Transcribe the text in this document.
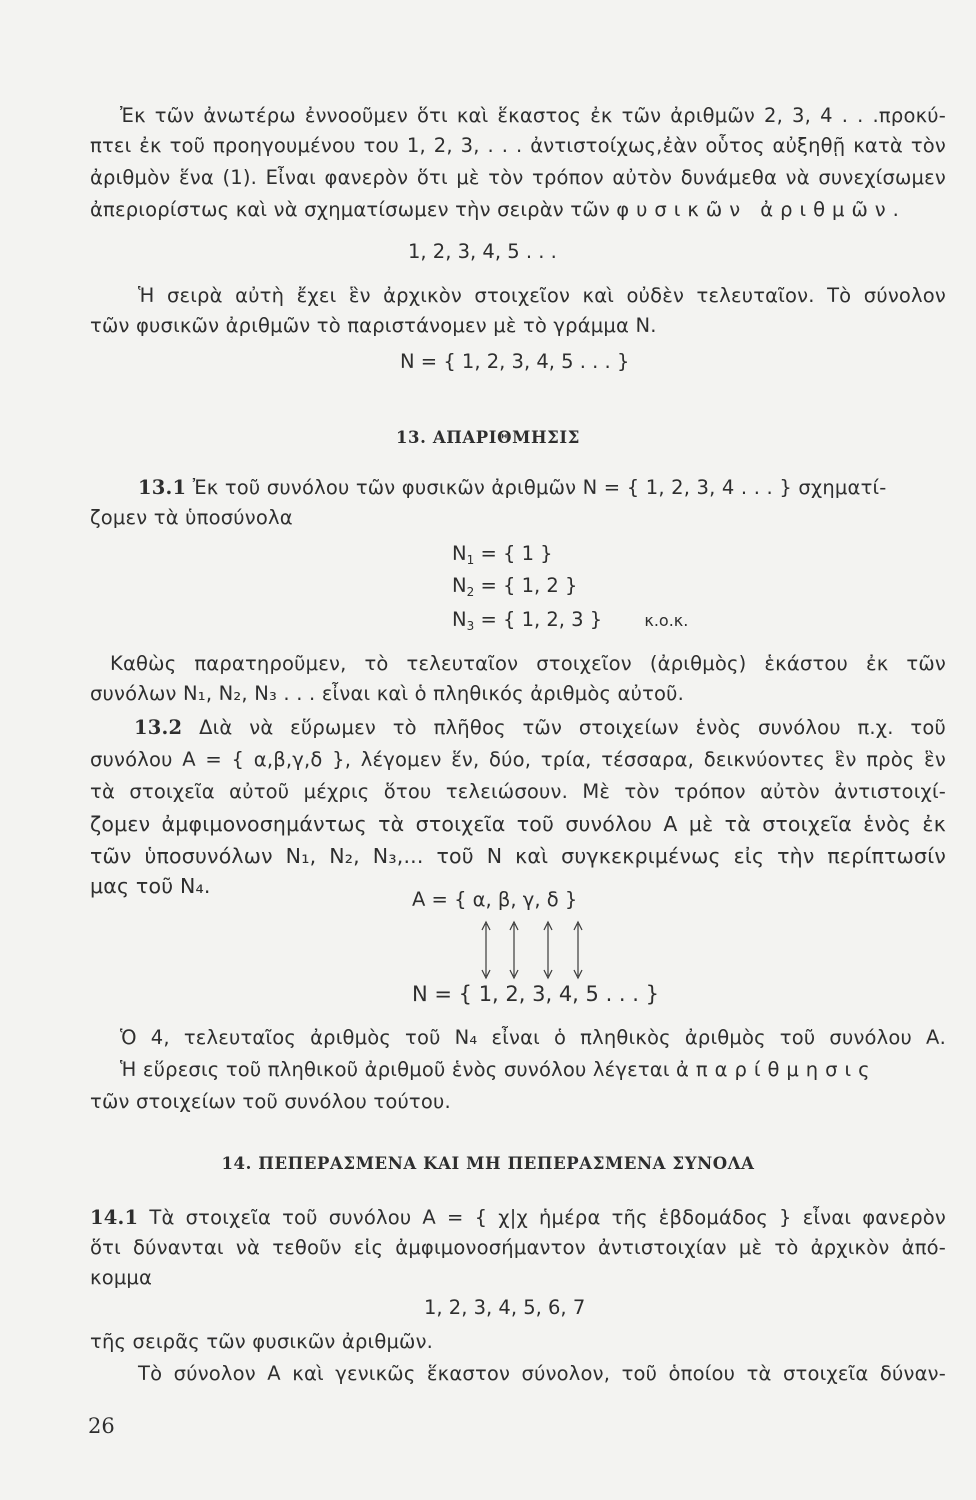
Ἐκ τῶν ἀνωτέρω ἐννοοῦμεν ὅτι καὶ ἕκαστος ἐκ τῶν ἀριθμῶν 2, 3, 4 . . .προκύ-
πτει ἐκ τοῦ προηγουμένου του 1, 2, 3, . . . ἀντιστοίχως,ἐὰν οὗτος αὐξηθῇ κατὰ τὸν
ἀριθμὸν ἕνα (1). Εἶναι φανερὸν ὅτι μὲ τὸν τρόπον αὐτὸν δυνάμεθα νὰ συνεχίσωμεν
ἀπεριορίστως καὶ νὰ σχηματίσωμεν τὴν σειρὰν τῶν φυσικῶν ἀριθμῶν.
1, 2, 3, 4, 5 . . .
Ἡ σειρὰ αὐτὴ ἔχει ἓν ἀρχικὸν στοιχεῖον καὶ οὐδὲν τελευταῖον. Τὸ σύνολον
τῶν φυσικῶν ἀριθμῶν τὸ παριστάνομεν μὲ τὸ γράμμα Ν.
Ν = { 1, 2, 3, 4, 5 . . . }
13. ΑΠΑΡΙΘΜΗΣΙΣ
13.1 Ἐκ τοῦ συνόλου τῶν φυσικῶν ἀριθμῶν Ν = { 1, 2, 3, 4 . . . } σχηματί-
ζομεν τὰ ὑποσύνολα
$N_1$ = { 1 }
$N_2$ = { 1, 2 }
$N_3$ = { 1, 2, 3 }	κ.ο.κ.
Καθὼς παρατηροῦμεν, τὸ τελευταῖον στοιχεῖον (ἀριθμὸς) ἑκάστου ἐκ τῶν
συνόλων Ν₁, Ν₂, Ν₃ . . . εἶναι καὶ ὁ πληθικός ἀριθμὸς αὐτοῦ.
13.2 Διὰ νὰ εὕρωμεν τὸ πλῆθος τῶν στοιχείων ἑνὸς συνόλου π.χ. τοῦ
συνόλου Α = { α,β,γ,δ }, λέγομεν ἕν, δύο, τρία, τέσσαρα, δεικνύοντες ἓν πρὸς ἓν
τὰ στοιχεῖα αὐτοῦ μέχρις ὅτου τελειώσουν. Μὲ τὸν τρόπον αὐτὸν ἀντιστοιχί-
ζομεν ἀμφιμονοσημάντως τὰ στοιχεῖα τοῦ συνόλου Α μὲ τὰ στοιχεῖα ἑνὸς ἐκ
τῶν ὑποσυνόλων Ν₁, Ν₂, Ν₃,... τοῦ Ν καὶ συγκεκριμένως εἰς τὴν περίπτωσίν
μας τοῦ Ν₄.
Α = { α, β, γ, δ }
Ν = { 1, 2, 3, 4, 5 . . . }
Ὁ 4, τελευταῖος ἀριθμὸς τοῦ Ν₄ εἶναι ὁ πληθικὸς ἀριθμὸς τοῦ συνόλου Α.
Ἡ εὕρεσις τοῦ πληθικοῦ ἀριθμοῦ ἑνὸς συνόλου λέγεται ἀπαρίθμησις
τῶν στοιχείων τοῦ συνόλου τούτου.
14. ΠΕΠΕΡΑΣΜΕΝΑ ΚΑΙ ΜΗ ΠΕΠΕΡΑΣΜΕΝΑ ΣΥΝΟΛΑ
14.1 Τὰ στοιχεῖα τοῦ συνόλου Α = { χ|χ ἡμέρα τῆς ἑβδομάδος } εἶναι φανερὸν
ὅτι δύνανται νὰ τεθοῦν εἰς ἀμφιμονοσήμαντον ἀντιστοιχίαν μὲ τὸ ἀρχικὸν ἀπό-
κομμα
1, 2, 3, 4, 5, 6, 7
τῆς σειρᾶς τῶν φυσικῶν ἀριθμῶν.
Τὸ σύνολον Α καὶ γενικῶς ἕκαστον σύνολον, τοῦ ὁποίου τὰ στοιχεῖα δύναν-
26
